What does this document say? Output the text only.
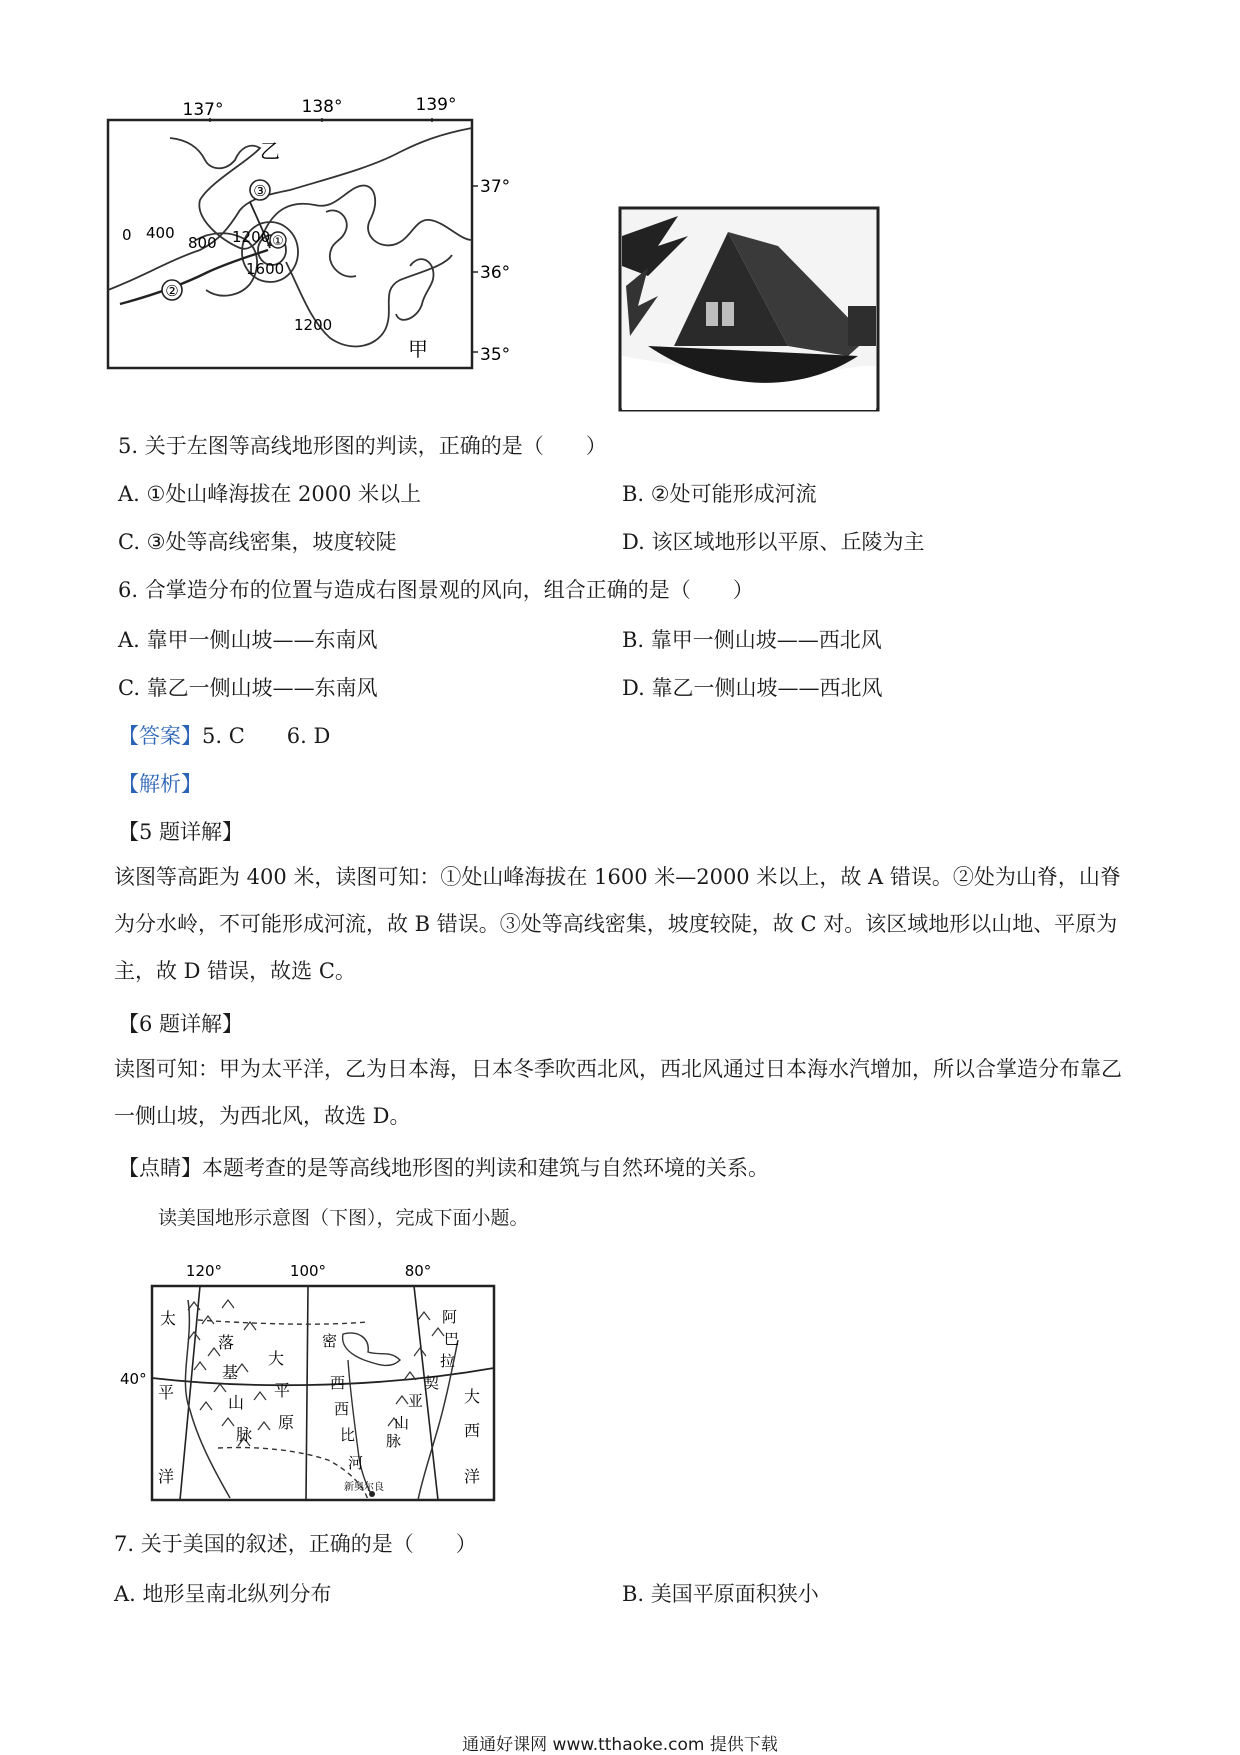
137°	138°	139°
37°
36°
35°
③
②
①
0 400
800 1200
1600
1200
乙
甲
5. 关于左图等高线地形图的判读，正确的是（　　）
A. ①处山峰海拔在 2000 米以上	B. ②处可能形成河流
C. ③处等高线密集，坡度较陡	D. 该区域地形以平原、丘陵为主
6. 合掌造分布的位置与造成右图景观的风向，组合正确的是（　　）
A. 靠甲一侧山坡——东南风	B. 靠甲一侧山坡——西北风
C. 靠乙一侧山坡——东南风	D. 靠乙一侧山坡——西北风
【答案】5. C　　6. D
【解析】
【5 题详解】
该图等高距为 400 米，读图可知：①处山峰海拔在 1600 米—2000 米以上，故 A 错误。②处为山脊，山脊为分水岭，不可能形成河流，故 B 错误。③处等高线密集，坡度较陡，故 C 对。该区域地形以山地、平原为主，故 D 错误，故选 C。
【6 题详解】
读图可知：甲为太平洋，乙为日本海，日本冬季吹西北风，西北风通过日本海水汽增加，所以合掌造分布靠乙一侧山坡，为西北风，故选 D。
【点睛】本题考查的是等高线地形图的判读和建筑与自然环境的关系。
读美国地形示意图（下图），完成下面小题。
120°	100°	80°
40°
太
平
洋
落
基
山
脉
大
平
原
密
西
西
比
河
新奥尔良
阿
巴
拉
契
亚
山
脉
大
西
洋
7. 关于美国的叙述，正确的是（　　）
A. 地形呈南北纵列分布	B. 美国平原面积狭小
通通好课网 www.tthaoke.com 提供下载
